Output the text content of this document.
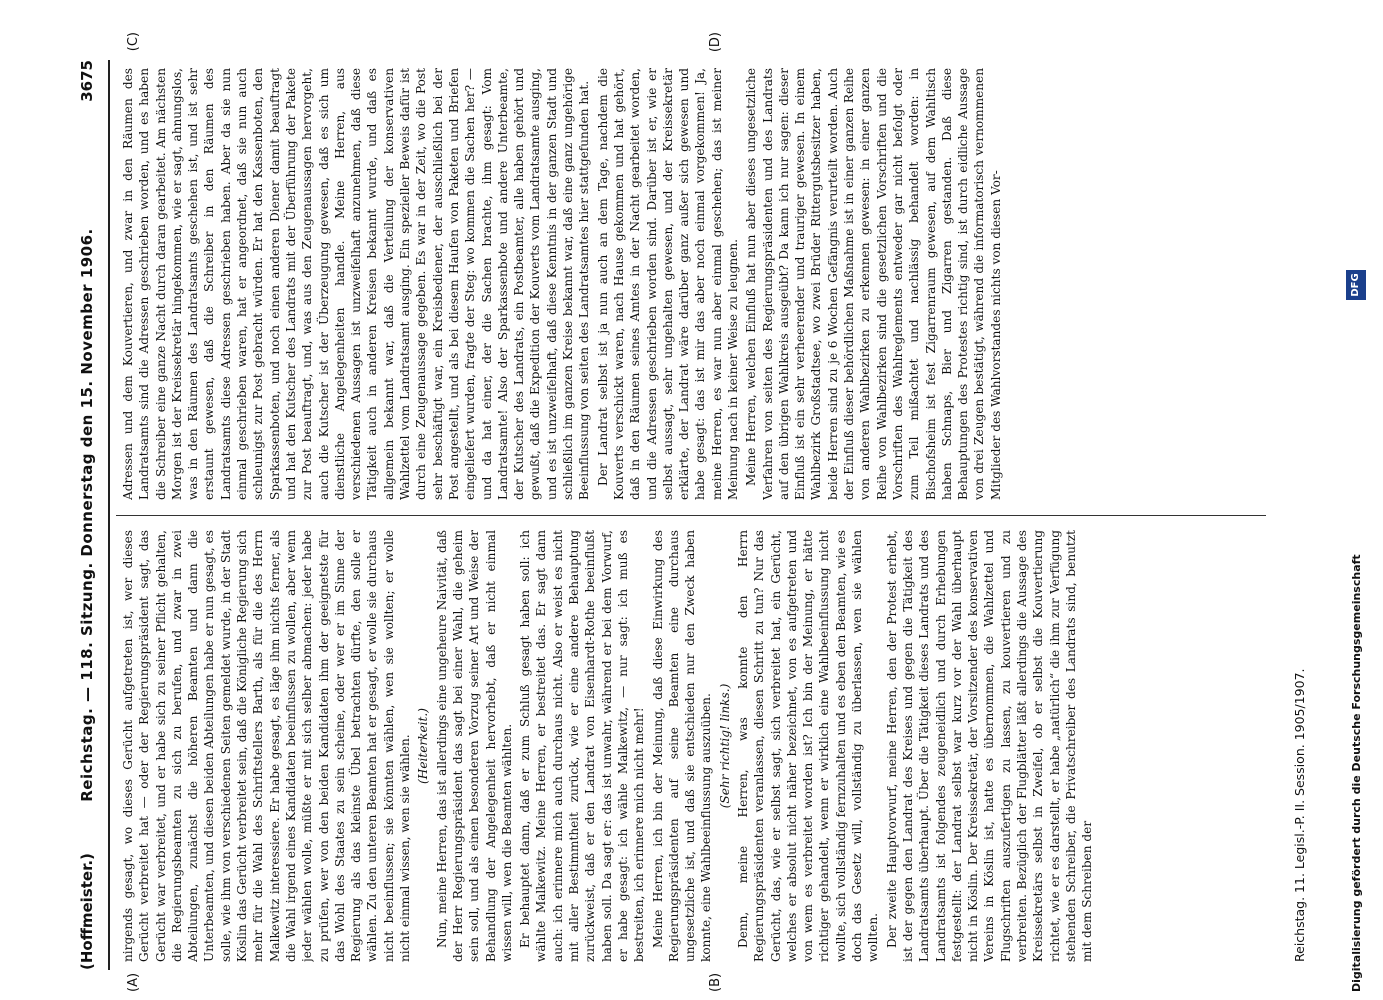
(Hoffmeister.)
Reichstag. — 118. Sitzung. Donnerstag den 15. November 1906.
3675
(A)	(B)
(C)	(D)

nirgends gesagt, wo dieses Gerücht aufgetreten ist, wer dieses Gerücht verbreitet hat — oder der Regierungspräsident sagt, das Gerücht war verbreitet, und er habe sich zu seiner Pflicht gehalten, die Regierungsbeamten zu sich zu berufen, und zwar in zwei Abteilungen, zunächst die höheren Beamten und dann die Unterbeamten, und diesen beiden Abteilungen habe er nun gesagt, es solle, wie ihm von verschiedenen Seiten gemeldet wurde, in der Stadt Köslin das Gerücht verbreitet sein, daß die Königliche Regierung sich mehr für die Wahl des Schriftstellers Barth, als für die des Herrn Malkewitz interessiere. Er habe gesagt, es läge ihm nichts ferner, als die Wahl irgend eines Kandidaten beeinflussen zu wollen, aber wenn jeder wählen wolle, müßte er mit sich selber abmachen: jeder habe zu prüfen, wer von den beiden Kandidaten ihm der geeignetste für das Wohl des Staates zu sein scheine, oder wer er im Sinne der Regierung als das kleinste Übel betrachten dürfte, den solle er wählen. Zu den unteren Beamten hat er gesagt, er wolle sie durchaus nicht beeinflussen; sie könnten wählen, wen sie wollten; er wolle nicht einmal wissen, wen sie wählen. (Heiterkeit.) Nun, meine Herren, das ist allerdings eine ungeheure Naivität, daß der Herr Regierungspräsident das sagt bei einer Wahl, die geheim sein soll, und als einen besonderen Vorzug seiner Art und Weise der Behandlung der Angelegenheit hervorhebt, daß er nicht einmal wissen will, wen die Beamten wählten. Er behauptet dann, daß er zum Schluß gesagt haben soll: ich wählte Malkewitz. Meine Herren, er bestreitet das. Er sagt dann auch: ich erinnere mich auch durchaus nicht. Also er weist es nicht mit aller Bestimmtheit zurück, wie er eine andere Behauptung zurückweist, daß er den Landrat von Eisenhardt-Rothe beeinflußt haben soll. Da sagt er: das ist unwahr, während er bei dem Vorwurf, er habe gesagt: ich wähle Malkewitz, — nur sagt: ich muß es bestreiten, ich erinnere mich nicht mehr! Meine Herren, ich bin der Meinung, daß diese Einwirkung des Regierungspräsidenten auf seine Beamten eine durchaus ungesetzliche ist, und daß sie entschieden nur den Zweck haben konnte, eine Wahlbeeinflussung auszuüben. (Sehr richtig! links.) Denn, meine Herren, was konnte den Herrn Regierungspräsidenten veranlassen, diesen Schritt zu tun? Nur das Gerücht, das, wie er selbst sagt, sich verbreitet hat, ein Gerücht, welches er absolut nicht näher bezeichnet, von es aufgetreten und von wem es verbreitet worden ist? Ich bin der Meinung, er hätte richtiger gehandelt, wenn er wirklich eine Wahlbeeinflussung nicht wollte, sich vollständig fernzuhalten und es eben den Beamten, wie es doch das Gesetz will, vollständig zu überlassen, wen sie wählen wollten. Der zweite Hauptvorwurf, meine Herren, den der Protest erhebt, ist der gegen den Landrat des Kreises und gegen die Tätigkeit des Landratsamts überhaupt. Über die Tätigkeit dieses Landrats und des Landratsamts ist folgendes zeugeneidlich und durch Erhebungen festgestellt: der Landrat selbst war kurz vor der Wahl überhaupt nicht in Köslin. Der Kreissekretär, der Vorsitzender des konservativen Vereins in Köslin ist, hatte es übernommen, die Wahlzettel und Flugschriften auszufertigen zu lassen, zu kouvertieren und zu verbreiten. Bezüglich der Flugblätter läßt allerdings die Aussage des Kreissekretärs selbst in Zweifel, ob er selbst die Kouvertierung richtet, wie er es darstellt, er habe „natürlich“ die ihm zur Verfügung stehenden Schreiber, die Privatschreiber des Landrats sind, benutzt mit dem Schreiben der

Adressen und dem Kouvertieren, und zwar in den Räumen des Landratsamts sind die Adressen geschrieben worden, und es haben die Schreiber eine ganze Nacht durch daran gearbeitet. Am nächsten Morgen ist der Kreissekretär hingekommen, wie er sagt, ahnungslos, was in den Räumen des Landratsamts geschehen ist, und ist sehr erstaunt gewesen, daß die Schreiber in den Räumen des Landratsamts diese Adressen geschrieben haben. Aber da sie nun einmal geschrieben waren, hat er angeordnet, daß sie nun auch schleunigst zur Post gebracht würden. Er hat den Kassenboten, den Sparkassenboten, und noch einen anderen Diener damit beauftragt und hat den Kutscher des Landrats mit der Überführung der Pakete zur Post beauftragt, und, was aus den Zeugenaussagen hervorgeht, auch die Kutscher ist der Überzeugung gewesen, daß es sich um dienstliche Angelegenheiten handle. Meine Herren, aus verschiedenen Aussagen ist unzweifelhaft anzunehmen, daß diese Tätigkeit auch in anderen Kreisen bekannt wurde, und daß es allgemein bekannt war, daß die Verteilung der konservativen Wahlzettel vom Landratsamt ausging. Ein spezieller Beweis dafür ist durch eine Zeugenaussage gegeben. Es war in der Zeit, wo die Post sehr beschäftigt war, ein Kreisbediener, der ausschließlich bei der Post angestellt, und als bei diesem Haufen von Paketen und Briefen eingeliefert wurden, fragte der Steg: wo kommen die Sachen her? — und da hat einer, der die Sachen brachte, ihm gesagt: Vom Landratsamte! Also der Sparkassenbote und andere Unterbeamte, der Kutscher des Landrats, ein Postbeamter, alle haben gehört und gewußt, daß die Expedition der Kouverts vom Landratsamte ausging, und es ist unzweifelhaft, daß diese Kenntnis in der ganzen Stadt und schließlich im ganzen Kreise bekannt war, daß eine ganz ungehörige Beeinflussung von seiten des Landratsamtes hier stattgefunden hat. Der Landrat selbst ist ja nun auch an dem Tage, nachdem die Kouverts verschickt waren, nach Hause gekommen und hat gehört, daß in den Räumen seines Amtes in der Nacht gearbeitet worden, und die Adressen geschrieben worden sind. Darüber ist er, wie er selbst aussagt, sehr ungehalten gewesen, und der Kreissekretär erklärte, der Landrat wäre darüber ganz außer sich gewesen und habe gesagt: das ist mir das aber noch einmal vorgekommen! Ja, meine Herren, es war nun aber einmal geschehen; das ist meiner Meinung nach in keiner Weise zu leugnen. Meine Herren, welchen Einfluß hat nun aber dieses ungesetzliche Verfahren von seiten des Regierungspräsidenten und des Landrats auf den übrigen Wahlkreis ausgeübt? Da kann ich nur sagen: dieser Einfluß ist ein sehr verheerender und trauriger gewesen. In einem Wahlbezirk Großstadtsee, wo zwei Brüder Rittergutsbesitzer haben, beide Herren sind zu je 6 Wochen Gefängnis verurteilt worden. Auch der Einfluß dieser behördlichen Maßnahme ist in einer ganzen Reihe von anderen Wahlbezirken zu erkennen gewesen: in einer ganzen Reihe von Wahlbezirken sind die gesetzlichen Vorschriften und die Vorschriften des Wahlreglements entweder gar nicht befolgt oder zum Teil mißachtet und nachlässig behandelt worden: in Bischofsheim ist fest Zigarrenraum gewesen, auf dem Wahltisch haben Schnaps, Bier und Zigarren gestanden. Daß diese Behauptungen des Protestes richtig sind, ist durch eidliche Aussage von drei Zeugen bestätigt, während die informatorisch vernommenen Mitglieder des Wahlvorstandes nichts von diesen Vor-

Reichstag. 11. Legisl.-P. II. Session. 1905/1907.	Digitalisierung gefördert durch die Deutsche Forschungsgemeinschaft
DFG
